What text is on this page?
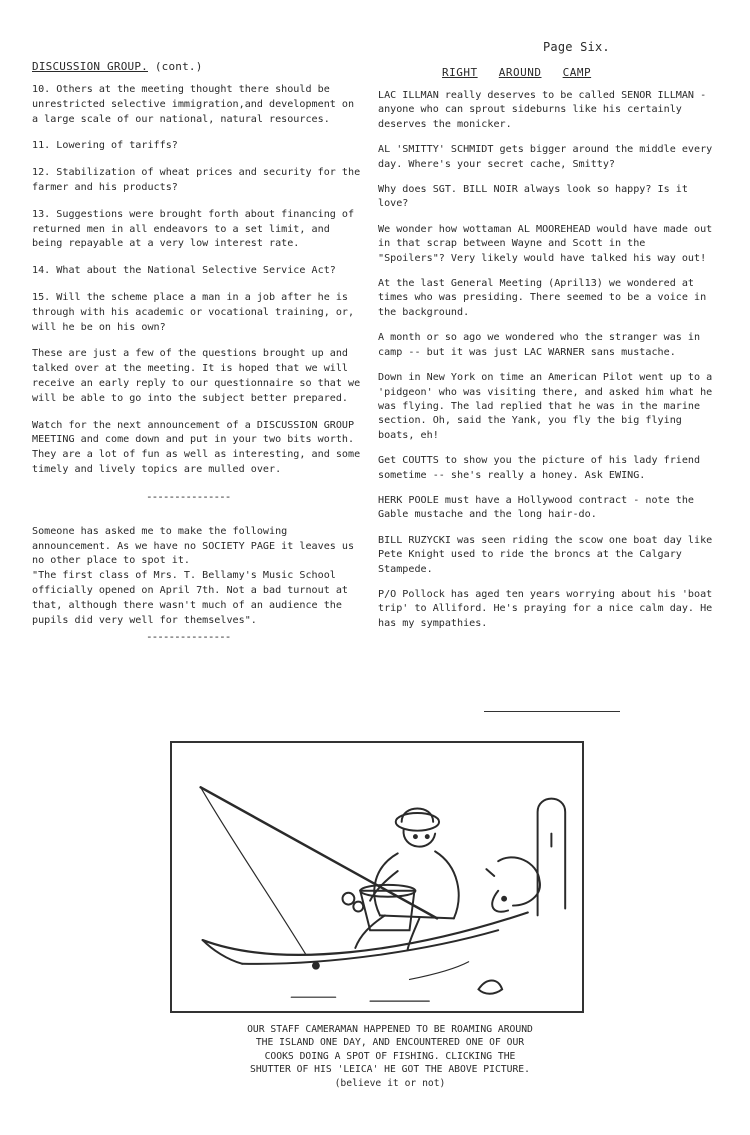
Page Six.
DISCUSSION GROUP. (cont.)

10. Others at the meeting thought there should be unrestricted selective immigration,and development on a large scale of our national, natural resources.

11. Lowering of tariffs?

12. Stabilization of wheat prices and security for the farmer and his products?

13. Suggestions were brought forth about financing of returned men in all endeavors to a set limit, and being repayable at a very low interest rate.

14. What about the National Selective Service Act?

15. Will the scheme place a man in a job after he is through with his academic or vocational training, or, will he be on his own?

These are just a few of the questions brought up and talked over at the meeting. It is hoped that we will receive an early reply to our questionnaire so that we will be able to go into the subject better prepared.

Watch for the next announcement of a DISCUSSION GROUP MEETING and come down and put in your two bits worth. They are a lot of fun as well as interesting, and some timely and lively topics are mulled over.

---------------

Someone has asked me to make the following announcement. As we have no SOCIETY PAGE it leaves us no other place to spot it.

"The first class of Mrs. T. Bellamy's Music School officially opened on April 7th. Not a bad turnout at that, although there wasn't much of an audience the pupils did very well for themselves".

---------------
RIGHT AROUND CAMP

LAC ILLMAN really deserves to be called SENOR ILLMAN - anyone who can sprout sideburns like his certainly deserves the monicker.

AL 'SMITTY' SCHMIDT gets bigger around the middle every day. Where's your secret cache, Smitty?

Why does SGT. BILL NOIR always look so happy? Is it love?

We wonder how wottaman AL MOOREHEAD would have made out in that scrap between Wayne and Scott in the "Spoilers"? Very likely would have talked his way out!

At the last General Meeting (April13) we wondered at times who was presiding. There seemed to be a voice in the background.

A month or so ago we wondered who the stranger was in camp -- but it was just LAC WARNER sans mustache.

Down in New York on time an American Pilot went up to a 'pidgeon' who was visiting there, and asked him what he was flying. The lad replied that he was in the marine section. Oh, said the Yank, you fly the big flying boats, eh!

Get COUTTS to show you the picture of his lady friend sometime -- she's really a honey. Ask EWING.

HERK POOLE must have a Hollywood contract - note the Gable mustache and the long hair-do.

BILL RUZYCKI was seen riding the scow one boat day like Pete Knight used to ride the broncs at the Calgary Stampede.

P/O Pollock has aged ten years worrying about his 'boat trip' to Alliford. He's praying for a nice calm day. He has my sympathies.

OUR STAFF CAMERAMAN HAPPENED TO BE ROAMING AROUND
THE ISLAND ONE DAY, AND ENCOUNTERED ONE OF OUR
COOKS DOING A SPOT OF FISHING. CLICKING THE
SHUTTER OF HIS 'LEICA' HE GOT THE ABOVE PICTURE.
(believe it or not)
